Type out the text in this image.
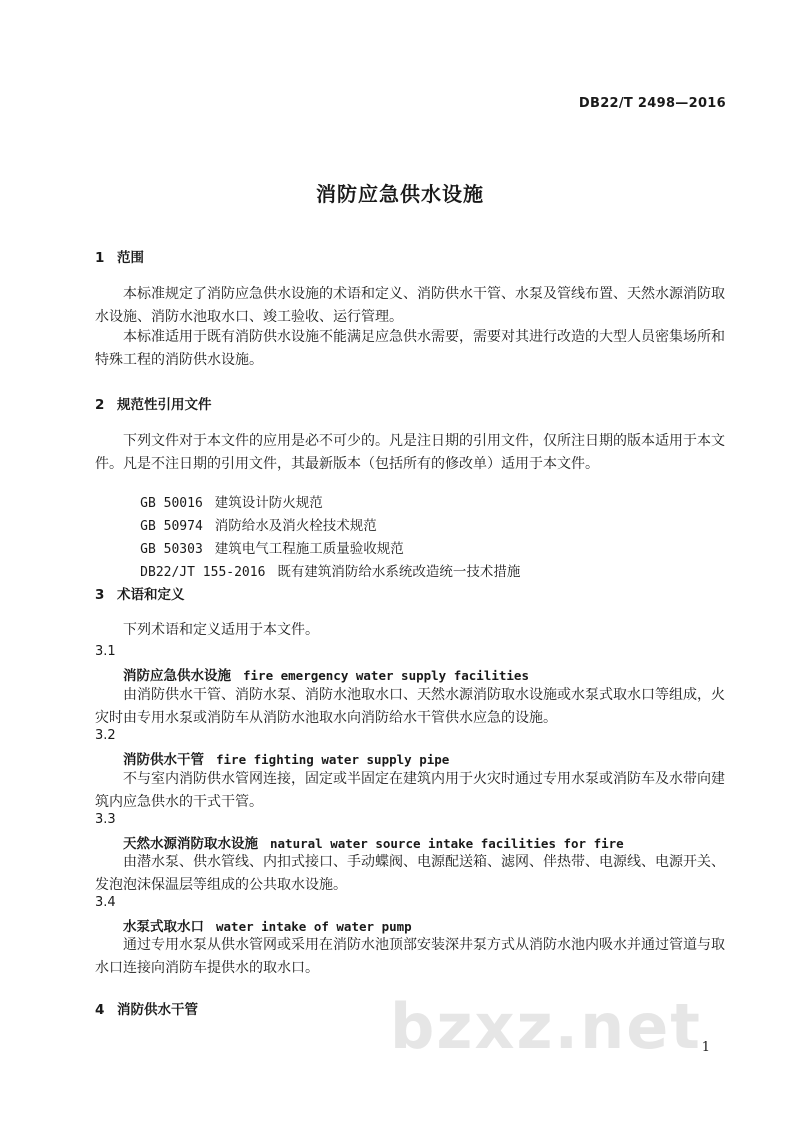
DB22/T 2498—2016
消防应急供水设施
1 范围

本标准规定了消防应急供水设施的术语和定义、消防供水干管、水泵及管线布置、天然水源消防取水设施、消防水池取水口、竣工验收、运行管理。

本标准适用于既有消防供水设施不能满足应急供水需要，需要对其进行改造的大型人员密集场所和特殊工程的消防供水设施。

2 规范性引用文件

下列文件对于本文件的应用是必不可少的。凡是注日期的引用文件，仅所注日期的版本适用于本文件。凡是不注日期的引用文件，其最新版本（包括所有的修改单）适用于本文件。

GB 50016 建筑设计防火规范

GB 50974 消防给水及消火栓技术规范

GB 50303 建筑电气工程施工质量验收规范

DB22/JT 155-2016 既有建筑消防给水系统改造统一技术措施

3 术语和定义

下列术语和定义适用于本文件。

3.1
消防应急供水设施 fire emergency water supply facilities

由消防供水干管、消防水泵、消防水池取水口、天然水源消防取水设施或水泵式取水口等组成，火灾时由专用水泵或消防车从消防水池取水向消防给水干管供水应急的设施。

3.2
消防供水干管 fire fighting water supply pipe

不与室内消防供水管网连接，固定或半固定在建筑内用于火灾时通过专用水泵或消防车及水带向建筑内应急供水的干式干管。

3.3
天然水源消防取水设施 natural water source intake facilities for fire

由潜水泵、供水管线、内扣式接口、手动蝶阀、电源配送箱、滤网、伴热带、电源线、电源开关、发泡泡沫保温层等组成的公共取水设施。

3.4
水泵式取水口 water intake of water pump

通过专用水泵从供水管网或采用在消防水池顶部安装深井泵方式从消防水池内吸水并通过管道与取水口连接向消防车提供水的取水口。

4 消防供水干管	bzxz.net 1
